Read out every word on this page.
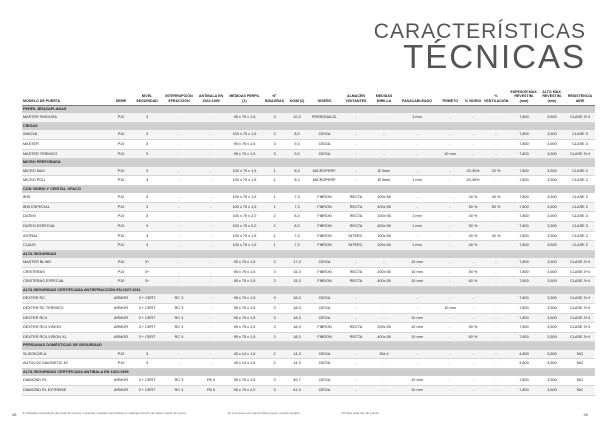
CARACTERÍSTICAS
TÉCNICAS
MODELO DE PUERTA	SERIE	NIVEL SEGURIDAD	INTERRUPCIÓN EFRACCIÓN	ANTIBALA EN 1522:1999	MEDIDAS PERFIL (1)	Nº BISAGRAS	KG/M (2)	DISEÑO	ALMACÉN VISITANTES	MEDIDAS MIRILLA	PASACABLEADO	TRIMETO	% VIDRIO	% VENTILACIÓN	ESPESOR MAX. REVESTIM. (mm)	ALTO MAX. REVESTIM. (mm)	RESISTENCIA AIRE
PERFIL BRAZAPLANAS																	
MASTER SHIDOSA	P10	3	-	-	95 x 75 x 1,5	3	10,3	PERSONALIZ.	-	-	3 mm	-	-	-	7,800	3,500	CLASE 3+4
CIEGAS																	
INNOVA	P10	3	-	-	100 x 75 x 1,5	3	8,3	CIEGA	-	-	-	-	-	-	7,800	3,500	CLASE 3
MASTER	P10	3	-	-	95 x 75 x 1,5	3	9,3	CIEGA	-	-	-	-	-	-	7,800	3,500	CLASE 3
MASTER TERMICO	P10	3	-	-	95 x 75 x 1,5	3	9,3	CIEGA	-	-	-	10 mm	-	-	7,800	3,500	CLASE 3+4
MICRO PERFORADA																	
MICRO MAX	P10	3	-	-	100 x 75 x 1,5	1	8,3	MICROPERF.	-	Ø 3mm	-	-	20-30%	20 %	7,800	3,500	CLASE 2
MICRO POLI	P10	3	-	-	100 x 75 x 1,5	1	8,3	MICROPERF.	-	Ø 3mm	1 mm	-	20-30%	-	7,800	3,500	CLASE 2
CON VIDRIO Y CRISTAL OPACO																	
IBIS	P10	3	-	-	100 x 75 x 1,5	1	7,3	FIBRON	RECTA	100x 55	-	-	40 %	40 %	7,800	3,500	CLASE 2
IBIS ESPECIAL	P10	3	-	-	100 x 75 x 1,5	1	7,3	FIBRON	RECTA	400x 55	-	-	50 %	50 %	7,800	3,500	CLASE 2
DATEN	P10	3	-	-	100 x 75 x 2,0	2	8,3	FIBRON	RECTA	100x 55	1 mm	-	40 %	-	7,800	3,500	CLASE 3
DATEN ESPECIAL	P10	3	-	-	100 x 75 x 2,0	2	8,3	FIBRON	RECTA	400x 55	1 mm	-	50 %	-	7,800	3,500	CLASE 3
ASTRAL	P10	3	-	-	100 x 75 x 1,5	1	7,3	FIBRON	INTERC.	100x 55	-	-	40 %	40 %	7,800	3,500	CLASE 2
CLAUS	P10	3	-	-	100 x 75 x 1,5	1	7,3	FIBRON	INTERC.	100x 55	1 mm	-	40 %	-	7,800	3,500	CLASE 2
ALTA SEGURIDAD																	
MASTER BLIND	P10	3+	-	-	95 x 75 x 1,5	3	17,3	CIEGA	-	-	10 mm	-	-	-	7,800	3,500	CLASE 3+4
CRISTERAS	P10	3+	-	-	95 x 75 x 1,5	3	15,3	FIBRON	RECTA	200x 55	10 mm	-	50 %	-	7,800	3,500	CLASE 3+4
CRISTERAS ESPECIAL	P10	3+	-	-	95 x 75 x 1,5	3	15,3	FIBRON	RECTA	400x 55	10 mm	-	60 %	-	7,800	3,500	CLASE 3+4
ALTA SEGURIDAD CERTIFICADA ANTIEFRACCIÓN EN 1627:2011																	
DEXTER RC	ARMOR	3 + CERT	RC 3	-	95 x 75 x 1,5	3	18,3	CIEGA	-	-	-	-	-	-	7,800	3,500	CLASE 3+4
DEXTER RC TERMICO	ARMOR	3 + CERT	RC 3	-	95 x 75 x 1,5	3	18,3	CIEGA	-	-	-	10 mm	-	-	7,800	3,500	CLASE 3+4
DEXTER RC4	ARMOR	3 + CERT	RC 4	-	95 x 75 x 1,5	3	18,3	CIEGA	-	-	10 mm	-	-	-	7,800	3,500	CLASE 3+4
DEXTER RC4 VISION	ARMOR	3 + CERT	RC 4	-	95 x 75 x 1,5	3	18,3	FIBRON	RECTA	200x 55	10 mm	-	50 %	-	7,800	3,500	CLASE 3+4
DEXTER RC4 VISION XL	ARMOR	3 + CERT	RC 4	-	95 x 75 x 1,5	3	18,3	FIBRON	RECTA	400x 55	10 mm	-	60 %	-	7,800	3,500	CLASE 3+4
PERSIANAS DOMÉSTICAS DE SEGURIDAD																	
SLIDOKOR-A	P10	3	-	-	45 x 14 x 1,5	2	14,3	CIEGA	-	35x 4	-	-	-	-	4,800	3,500	NIC
AUTOLOC MAGNETIC 45	P10	3	-	-	45 x 14 x 1,5	2	14,3	CIEGA	-	-	-	-	-	-	3,800	3,500	NIC
ALTA SEGURIDAD CERTIFICADA ANTIBALA EN 1522:1999																	
DIAMOND RL	ARMOR	3 + CERT	RC 3	FB 4	95 x 75 x 1,5	3	49,7	CIEGA	-	-	10 mm	-	-	-	7,800	3,500	NIC
DIAMOND RL EXTREME	ARMOR	3 + CERT	RC 4	FB 6	95 x 75 x 2,0	3	61,3	CIEGA	-	-	10 mm	-	-	-	7,800	3,500	NIC
(1) Medidas orientativas del perfil de la lama. Consultar medidas específicas en catálogo técnico de cada modelo de puerta.	(2) Los pesos son aproximados según modelo elegido.	(3) Para cada tipo de puerta.
48	49
